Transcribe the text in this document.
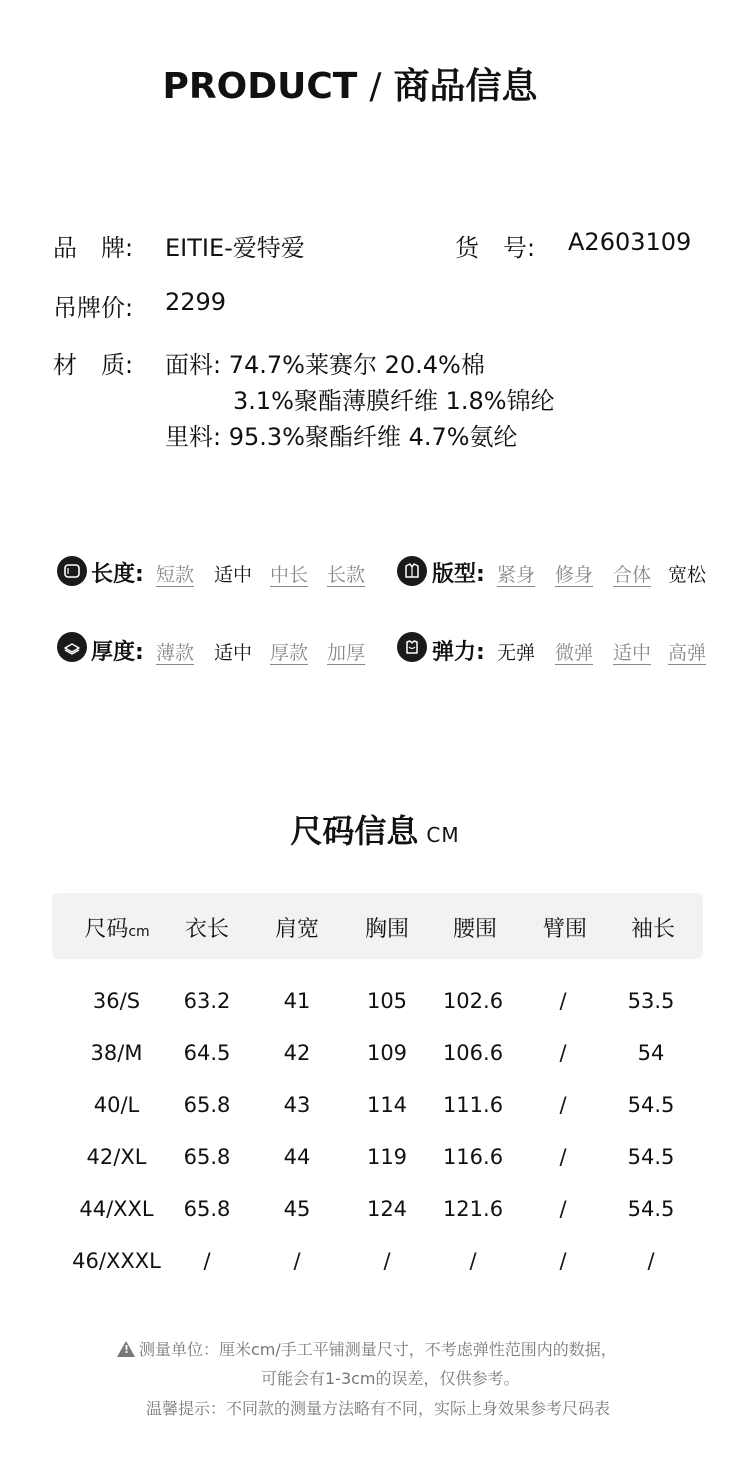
PRODUCT / 商品信息
品　牌: EITIE-爱特爱	货　号: A2603109
吊牌价: 2299
材　质: 面料: 74.7%莱赛尔 20.4%棉
3.1%聚酯薄膜纤维 1.8%锦纶
里料: 95.3%聚酯纤维 4.7%氨纶
长度: 短款 适中 中长 长款	版型: 紧身 修身 合体 宽松
厚度: 薄款 适中 厚款 加厚	弹力: 无弹 微弹 适中 高弹
尺码信息 CM
尺码cm	衣长	肩宽	胸围	腰围	臂围	袖长
36/S	63.2	41	105	102.6	/	53.5
38/M	64.5	42	109	106.6	/	54
40/L	65.8	43	114	111.6	/	54.5
42/XL	65.8	44	119	116.6	/	54.5
44/XXL	65.8	45	124	121.6	/	54.5
46/XXXL	/	/	/	/	/	/
!测量单位：厘米cm/手工平铺测量尺寸，不考虑弹性范围内的数据，
可能会有1-3cm的误差，仅供参考。
温馨提示：不同款的测量方法略有不同，实际上身效果参考尺码表
